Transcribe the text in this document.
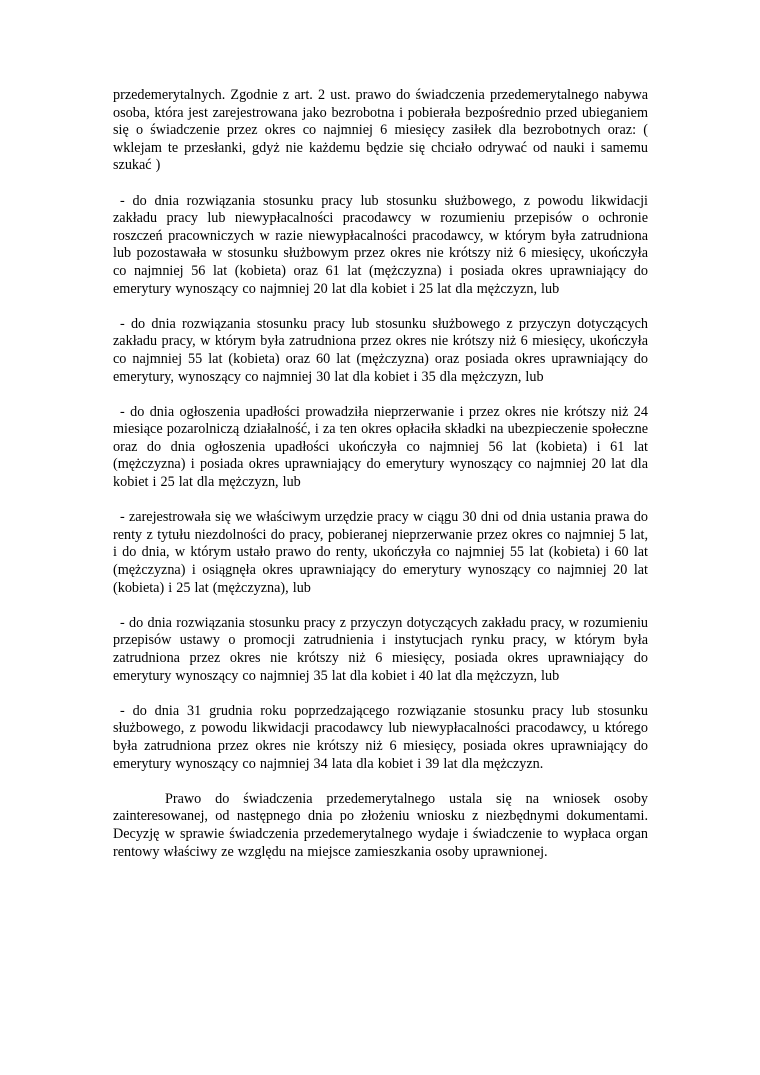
przedemerytalnych. Zgodnie z art. 2 ust. prawo do świadczenia przedemerytalnego nabywa osoba, która jest zarejestrowana jako bezrobotna i pobierała bezpośrednio przed ubieganiem się o świadczenie przez okres co najmniej 6 miesięcy zasiłek dla bezrobotnych oraz: ( wklejam te przesłanki, gdyż nie każdemu będzie się chciało odrywać od nauki i samemu szukać )

- do dnia rozwiązania stosunku pracy lub stosunku służbowego, z powodu likwidacji zakładu pracy lub niewypłacalności pracodawcy w rozumieniu przepisów o ochronie roszczeń pracowniczych w razie niewypłacalności pracodawcy, w którym była zatrudniona lub pozostawała w stosunku służbowym przez okres nie krótszy niż 6 miesięcy, ukończyła co najmniej 56 lat (kobieta) oraz 61 lat (mężczyzna) i posiada okres uprawniający do emerytury wynoszący co najmniej 20 lat dla kobiet i 25 lat dla mężczyzn, lub

- do dnia rozwiązania stosunku pracy lub stosunku służbowego z przyczyn dotyczących zakładu pracy, w którym była zatrudniona przez okres nie krótszy niż 6 miesięcy, ukończyła co najmniej 55 lat (kobieta) oraz 60 lat (mężczyzna) oraz posiada okres uprawniający do emerytury, wynoszący co najmniej 30 lat dla kobiet i 35 dla mężczyzn, lub

- do dnia ogłoszenia upadłości prowadziła nieprzerwanie i przez okres nie krótszy niż 24 miesiące pozarolniczą działalność, i za ten okres opłaciła składki na ubezpieczenie społeczne oraz do dnia ogłoszenia upadłości ukończyła co najmniej 56 lat (kobieta) i 61 lat (mężczyzna) i posiada okres uprawniający do emerytury wynoszący co najmniej 20 lat dla kobiet i 25 lat dla mężczyzn, lub

- zarejestrowała się we właściwym urzędzie pracy w ciągu 30 dni od dnia ustania prawa do renty z tytułu niezdolności do pracy, pobieranej nieprzerwanie przez okres co najmniej 5 lat, i do dnia, w którym ustało prawo do renty, ukończyła co najmniej 55 lat (kobieta) i 60 lat (mężczyzna) i osiągnęła okres uprawniający do emerytury wynoszący co najmniej 20 lat (kobieta) i 25 lat (mężczyzna), lub

- do dnia rozwiązania stosunku pracy z przyczyn dotyczących zakładu pracy, w rozumieniu przepisów ustawy o promocji zatrudnienia i instytucjach rynku pracy, w którym była zatrudniona przez okres nie krótszy niż 6 miesięcy, posiada okres uprawniający do emerytury wynoszący co najmniej 35 lat dla kobiet i 40 lat dla mężczyzn, lub

- do dnia 31 grudnia roku poprzedzającego rozwiązanie stosunku pracy lub stosunku służbowego, z powodu likwidacji pracodawcy lub niewypłacalności pracodawcy, u którego była zatrudniona przez okres nie krótszy niż 6 miesięcy, posiada okres uprawniający do emerytury wynoszący co najmniej 34 lata dla kobiet i 39 lat dla mężczyzn.

Prawo do świadczenia przedemerytalnego ustala się na wniosek osoby zainteresowanej, od następnego dnia po złożeniu wniosku z niezbędnymi dokumentami. Decyzję w sprawie świadczenia przedemerytalnego wydaje i świadczenie to wypłaca organ rentowy właściwy ze względu na miejsce zamieszkania osoby uprawnionej.
